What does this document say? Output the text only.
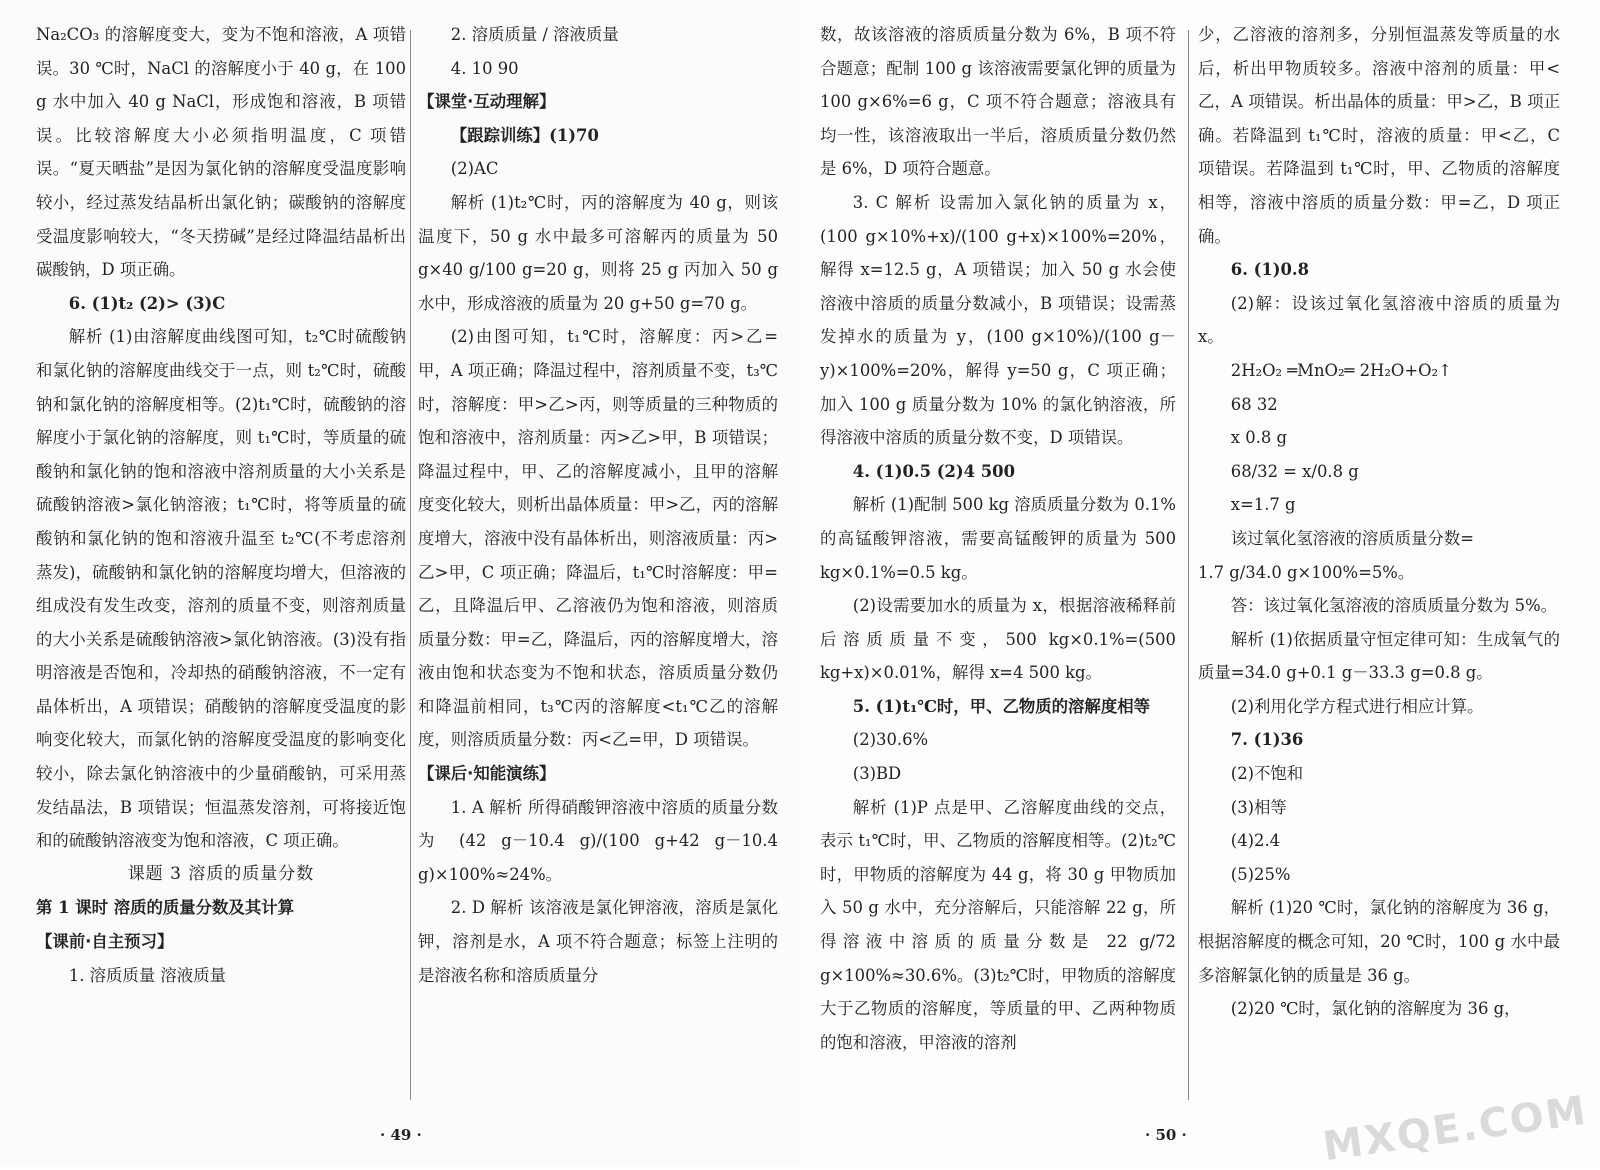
Na₂CO₃ 的溶解度变大，变为不饱和溶液，A 项错误。30 ℃时，NaCl 的溶解度小于 40 g，在 100 g 水中加入 40 g NaCl，形成饱和溶液，B 项错误。比较溶解度大小必须指明温度，C 项错误。“夏天晒盐”是因为氯化钠的溶解度受温度影响较小，经过蒸发结晶析出氯化钠；碳酸钠的溶解度受温度影响较大，“冬天捞碱”是经过降温结晶析出碳酸钠，D 项正确。

6. (1)t₂ (2)> (3)C

解析 (1)由溶解度曲线图可知，t₂℃时硫酸钠和氯化钠的溶解度曲线交于一点，则 t₂℃时，硫酸钠和氯化钠的溶解度相等。(2)t₁℃时，硫酸钠的溶解度小于氯化钠的溶解度，则 t₁℃时，等质量的硫酸钠和氯化钠的饱和溶液中溶剂质量的大小关系是硫酸钠溶液>氯化钠溶液；t₁℃时，将等质量的硫酸钠和氯化钠的饱和溶液升温至 t₂℃(不考虑溶剂蒸发)，硫酸钠和氯化钠的溶解度均增大，但溶液的组成没有发生改变，溶剂的质量不变，则溶剂质量的大小关系是硫酸钠溶液>氯化钠溶液。(3)没有指明溶液是否饱和，冷却热的硝酸钠溶液，不一定有晶体析出，A 项错误；硝酸钠的溶解度受温度的影响变化较大，而氯化钠的溶解度受温度的影响变化较小，除去氯化钠溶液中的少量硝酸钠，可采用蒸发结晶法，B 项错误；恒温蒸发溶剂，可将接近饱和的硫酸钠溶液变为饱和溶液，C 项正确。

课题 3 溶质的质量分数

第 1 课时 溶质的质量分数及其计算

【课前·自主预习】

1. 溶质质量 溶液质量

2. 溶质质量 / 溶液质量

4. 10 90

【课堂·互动理解】

【跟踪训练】(1)70

(2)AC

解析 (1)t₂℃时，丙的溶解度为 40 g，则该温度下，50 g 水中最多可溶解丙的质量为 50 g×40 g/100 g=20 g，则将 25 g 丙加入 50 g 水中，形成溶液的质量为 20 g+50 g=70 g。

(2)由图可知，t₁℃时，溶解度：丙>乙=甲，A 项正确；降温过程中，溶剂质量不变，t₃℃时，溶解度：甲>乙>丙，则等质量的三种物质的饱和溶液中，溶剂质量：丙>乙>甲，B 项错误；降温过程中，甲、乙的溶解度减小，且甲的溶解度变化较大，则析出晶体质量：甲>乙，丙的溶解度增大，溶液中没有晶体析出，则溶液质量：丙>乙>甲，C 项正确；降温后，t₁℃时溶解度：甲=乙，且降温后甲、乙溶液仍为饱和溶液，则溶质质量分数：甲=乙，降温后，丙的溶解度增大，溶液由饱和状态变为不饱和状态，溶质质量分数仍和降温前相同，t₃℃丙的溶解度<t₁℃乙的溶解度，则溶质质量分数：丙<乙=甲，D 项错误。

【课后·知能演练】

1. A 解析 所得硝酸钾溶液中溶质的质量分数为 (42 g－10.4 g)/(100 g+42 g－10.4 g)×100%≈24%。

2. D 解析 该溶液是氯化钾溶液，溶质是氯化钾，溶剂是水，A 项不符合题意；标签上注明的是溶液名称和溶质质量分

· 49 ·

数，故该溶液的溶质质量分数为 6%，B 项不符合题意；配制 100 g 该溶液需要氯化钾的质量为 100 g×6%=6 g，C 项不符合题意；溶液具有均一性，该溶液取出一半后，溶质质量分数仍然是 6%，D 项符合题意。

3. C 解析 设需加入氯化钠的质量为 x，(100 g×10%+x)/(100 g+x)×100%=20%，解得 x=12.5 g，A 项错误；加入 50 g 水会使溶液中溶质的质量分数减小，B 项错误；设需蒸发掉水的质量为 y，(100 g×10%)/(100 g－y)×100%=20%，解得 y=50 g，C 项正确；加入 100 g 质量分数为 10% 的氯化钠溶液，所得溶液中溶质的质量分数不变，D 项错误。

4. (1)0.5 (2)4 500

解析 (1)配制 500 kg 溶质质量分数为 0.1% 的高锰酸钾溶液，需要高锰酸钾的质量为 500 kg×0.1%=0.5 kg。

(2)设需要加水的质量为 x，根据溶液稀释前后溶质质量不变，500 kg×0.1%=(500 kg+x)×0.01%，解得 x=4 500 kg。

5. (1)t₁℃时，甲、乙物质的溶解度相等

(2)30.6%

(3)BD

解析 (1)P 点是甲、乙溶解度曲线的交点，表示 t₁℃时，甲、乙物质的溶解度相等。(2)t₂℃时，甲物质的溶解度为 44 g，将 30 g 甲物质加入 50 g 水中，充分溶解后，只能溶解 22 g，所得溶液中溶质的质量分数是 22 g/72 g×100%≈30.6%。(3)t₂℃时，甲物质的溶解度大于乙物质的溶解度，等质量的甲、乙两种物质的饱和溶液，甲溶液的溶剂

少，乙溶液的溶剂多，分别恒温蒸发等质量的水后，析出甲物质较多。溶液中溶剂的质量：甲<乙，A 项错误。析出晶体的质量：甲>乙，B 项正确。若降温到 t₁℃时，溶液的质量：甲<乙，C 项错误。若降温到 t₁℃时，甲、乙物质的溶解度相等，溶液中溶质的质量分数：甲=乙，D 项正确。

6. (1)0.8

(2)解：设该过氧化氢溶液中溶质的质量为 x。

2H₂O₂ ═MnO₂═ 2H₂O+O₂↑

68 32

x 0.8 g

68/32 = x/0.8 g

x=1.7 g

该过氧化氢溶液的溶质质量分数=

1.7 g/34.0 g×100%=5%。

答：该过氧化氢溶液的溶质质量分数为 5%。

解析 (1)依据质量守恒定律可知：生成氧气的质量=34.0 g+0.1 g－33.3 g=0.8 g。

(2)利用化学方程式进行相应计算。

7. (1)36

(2)不饱和

(3)相等

(4)2.4

(5)25%

解析 (1)20 ℃时，氯化钠的溶解度为 36 g，根据溶解度的概念可知，20 ℃时，100 g 水中最多溶解氯化钠的质量是 36 g。

(2)20 ℃时，氯化钠的溶解度为 36 g，

· 50 ·	MXQE.COM
